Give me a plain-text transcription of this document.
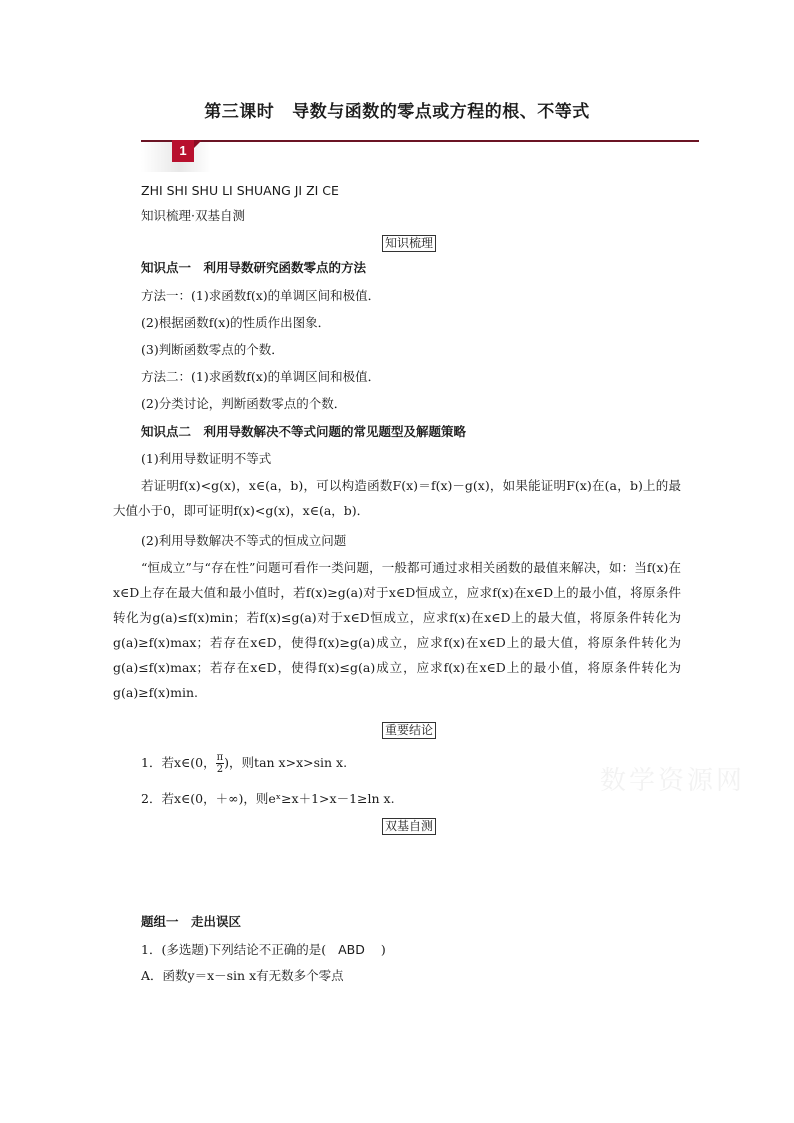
第三课时 导数与函数的零点或方程的根、不等式
1
ZHI SHI SHU LI SHUANG JI ZI CE
知识梳理·双基自测
知识梳理
知识点一　利用导数研究函数零点的方法
方法一：(1)求函数f(x)的单调区间和极值．
(2)根据函数f(x)的性质作出图象．
(3)判断函数零点的个数．
方法二：(1)求函数f(x)的单调区间和极值．
(2)分类讨论，判断函数零点的个数．
知识点二　利用导数解决不等式问题的常见题型及解题策略
(1)利用导数证明不等式
若证明f(x)<g(x)，x∈(a，b)，可以构造函数F(x)＝f(x)－g(x)，如果能证明F(x)在(a，b)上的最大值小于0，即可证明f(x)<g(x)，x∈(a，b)．
(2)利用导数解决不等式的恒成立问题
“恒成立”与“存在性”问题可看作一类问题，一般都可通过求相关函数的最值来解决，如：当f(x)在x∈D上存在最大值和最小值时，若f(x)≥g(a)对于x∈D恒成立，应求f(x)在x∈D上的最小值，将原条件转化为g(a)≤f(x)min；若f(x)≤g(a)对于x∈D恒成立，应求f(x)在x∈D上的最大值，将原条件转化为g(a)≥f(x)max；若存在x∈D，使得f(x)≥g(a)成立，应求f(x)在x∈D上的最大值，将原条件转化为g(a)≤f(x)max；若存在x∈D，使得f(x)≤g(a)成立，应求f(x)在x∈D上的最小值，将原条件转化为g(a)≥f(x)min.
重要结论
1．若x∈(0， $\frac{\pi}{2}$ )，则tan x>x>sin x.
2．若x∈(0，＋∞)，则eˣ≥x＋1>x－1≥ln x.
数学资源网
双基自测
题组一　走出误区
1．(多选题)下列结论不正确的是( ABD )
A．函数y＝x－sin x有无数多个零点
